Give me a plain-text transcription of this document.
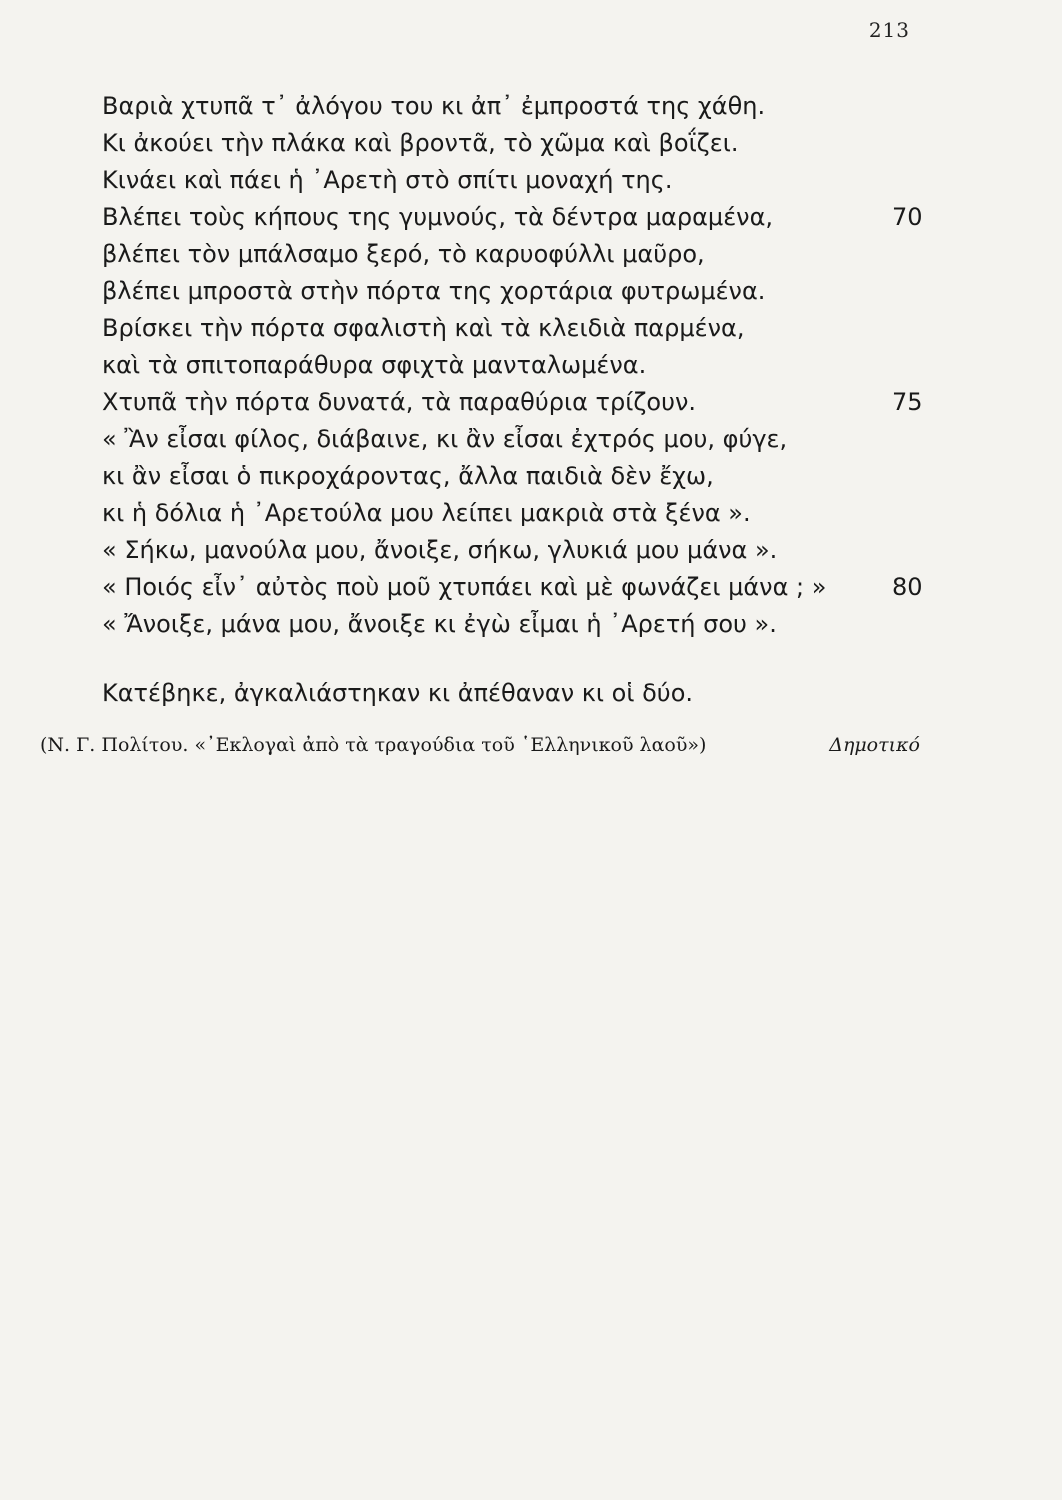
213
Βαριὰ χτυπᾶ τ᾽ ἀλόγου του κι ἀπ᾽ ἐμπροστά της χάθη.
Κι ἀκούει τὴν πλάκα καὶ βροντᾶ, τὸ χῶμα καὶ βοΐζει.
Κινάει καὶ πάει ἡ ᾽Αρετὴ στὸ σπίτι μοναχή της.
Βλέπει τοὺς κήπους της γυμνούς, τὰ δέντρα μαραμένα,	70
βλέπει τὸν μπάλσαμο ξερό, τὸ καρυοφύλλι μαῦρο,
βλέπει μπροστὰ στὴν πόρτα της χορτάρια φυτρωμένα.
Βρίσκει τὴν πόρτα σφαλιστὴ καὶ τὰ κλειδιὰ παρμένα,
καὶ τὰ σπιτοπαράθυρα σφιχτὰ μανταλωμένα.
Χτυπᾶ τὴν πόρτα δυνατά, τὰ παραθύρια τρίζουν.	75
« Ἂν εἶσαι φίλος, διάβαινε, κι ἂν εἶσαι ἐχτρός μου, φύγε,
κι ἂν εἶσαι ὁ πικροχάροντας, ἄλλα παιδιὰ δὲν ἔχω,
κι ἡ δόλια ἡ ᾽Αρετούλα μου λείπει μακριὰ στὰ ξένα ».
« Σήκω, μανούλα μου, ἄνοιξε, σήκω, γλυκιά μου μάνα ».
« Ποιός εἶν᾽ αὐτὸς ποὺ μοῦ χτυπάει καὶ μὲ φωνάζει μάνα ; »	80
« Ἄνοιξε, μάνα μου, ἄνοιξε κι ἐγὼ εἶμαι ἡ ᾽Αρετή σου ».
Κατέβηκε, ἀγκαλιάστηκαν κι ἀπέθαναν κι οἱ δύο.
(Ν. Γ. Πολίτου. «᾽Εκλογαὶ ἀπὸ τὰ τραγούδια τοῦ ῾Ελληνικοῦ λαοῦ»)	Δημοτικό
